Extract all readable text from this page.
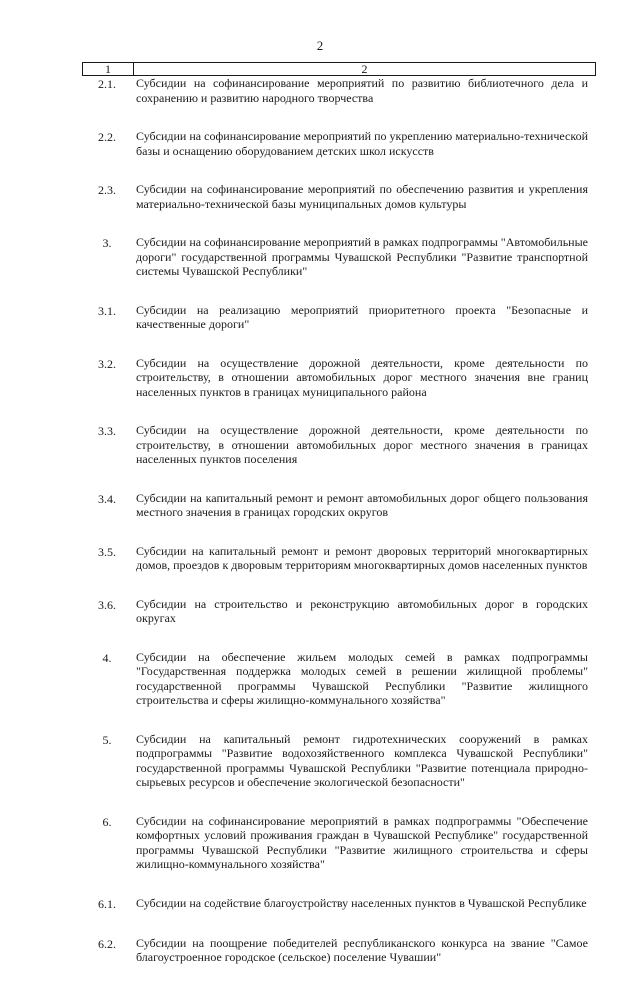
2
1	2
2.1.	Субсидии на софинансирование мероприятий по развитию библиотечного дела и сохранению и развитию народного творчества
2.2.	Субсидии на софинансирование мероприятий по укреплению материально-технической базы и оснащению оборудованием детских школ искусств
2.3.	Субсидии на софинансирование мероприятий по обеспечению развития и укрепления материально-технической базы муниципальных домов культуры
3.	Субсидии на софинансирование мероприятий в рамках подпрограммы "Автомобильные дороги" государственной программы Чувашской Республики "Развитие транспортной системы Чувашской Республики"
3.1.	Субсидии на реализацию мероприятий приоритетного проекта "Безопасные и качественные дороги"
3.2.	Субсидии на осуществление дорожной деятельности, кроме деятельности по строительству, в отношении автомобильных дорог местного значения вне границ населенных пунктов в границах муниципального района
3.3.	Субсидии на осуществление дорожной деятельности, кроме деятельности по строительству, в отношении автомобильных дорог местного значения в границах населенных пунктов поселения
3.4.	Субсидии на капитальный ремонт и ремонт автомобильных дорог общего пользования местного значения в границах городских округов
3.5.	Субсидии на капитальный ремонт и ремонт дворовых территорий многоквартирных домов, проездов к дворовым территориям многоквартирных домов населенных пунктов
3.6.	Субсидии на строительство и реконструкцию автомобильных дорог в городских округах
4.	Субсидии на обеспечение жильем молодых семей в рамках подпрограммы "Государственная поддержка молодых семей в решении жилищной проблемы" государственной программы Чувашской Республики "Развитие жилищного строительства и сферы жилищно-коммунального хозяйства"
5.	Субсидии на капитальный ремонт гидротехнических сооружений в рамках подпрограммы "Развитие водохозяйственного комплекса Чувашской Республики" государственной программы Чувашской Республики "Развитие потенциала природно-сырьевых ресурсов и обеспечение экологической безопасности"
6.	Субсидии на софинансирование мероприятий в рамках подпрограммы "Обеспечение комфортных условий проживания граждан в Чувашской Республике" государственной программы Чувашской Республики "Развитие жилищного строительства и сферы жилищно-коммунального хозяйства"
6.1.	Субсидии на содействие благоустройству населенных пунктов в Чувашской Республике
6.2.	Субсидии на поощрение победителей республиканского конкурса на звание "Самое благоустроенное городское (сельское) поселение Чувашии"
